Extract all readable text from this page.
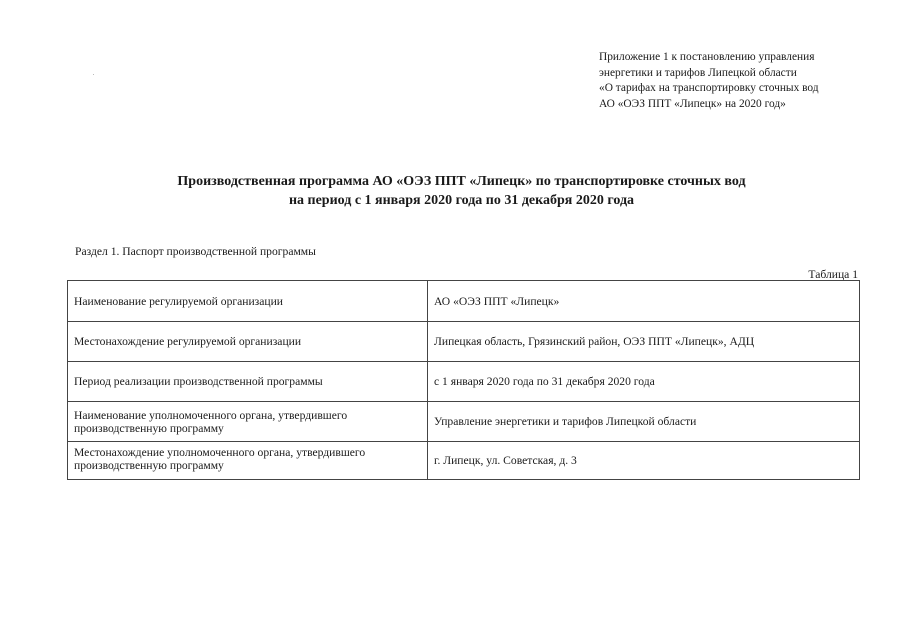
Приложение 1 к постановлению управления
энергетики и тарифов Липецкой области
«О тарифах на транспортировку сточных вод
АО «ОЭЗ ППТ «Липецк» на 2020 год»
Производственная программа АО «ОЭЗ ППТ «Липецк» по транспортировке сточных вод
на период с 1 января 2020 года по 31 декабря 2020 года
Раздел 1. Паспорт производственной программы
Таблица 1
Наименование регулируемой организации	АО «ОЭЗ ППТ «Липецк»

Местонахождение регулируемой организации	Липецкая область, Грязинский район, ОЭЗ ППТ «Липецк», АДЦ

Период реализации производственной программы	с 1 января 2020 года по 31 декабря 2020 года

Наименование уполномоченного органа, утвердившего
производственную программу	Управление энергетики и тарифов Липецкой области

Местонахождение уполномоченного органа, утвердившего
производственную программу	г. Липецк, ул. Советская, д. 3
